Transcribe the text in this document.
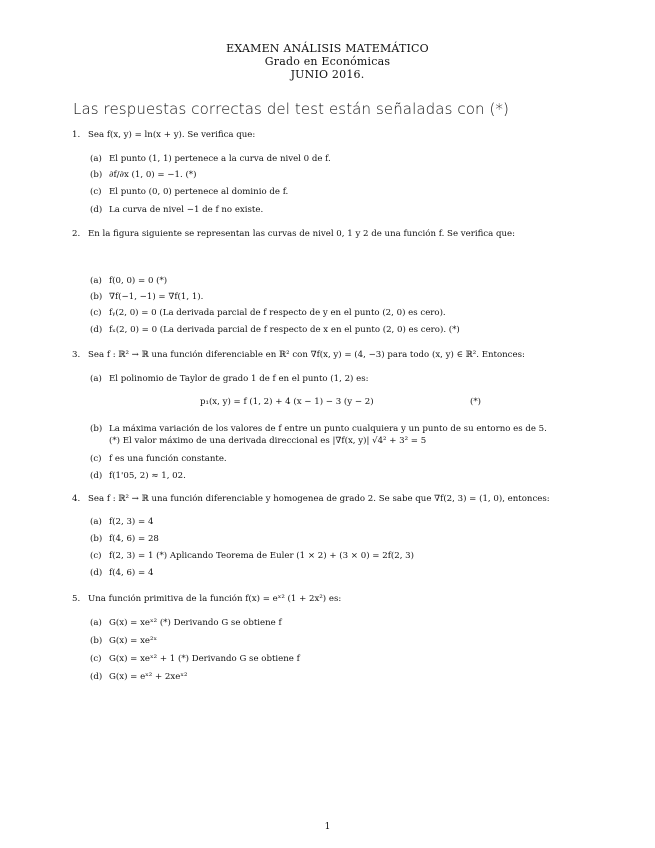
EXAMEN ANÁLISIS MATEMÁTICO
Grado en Económicas
JUNIO 2016.
Las respuestas correctas del test están señaladas con (*)
1. Sea f(x, y) = ln(x + y). Se verifica que:
(a) El punto (1, 1) pertenece a la curva de nivel 0 de f.
(b) ∂f/∂x (1, 0) = −1. (*)
(c) El punto (0, 0) pertenece al dominio de f.
(d) La curva de nivel −1 de f no existe.
2. En la figura siguiente se representan las curvas de nivel 0, 1 y 2 de una función f. Se verifica que:
(a) f(0, 0) = 0 (*)
(b) ∇f(−1, −1) = ∇f(1, 1).
(c) fᵧ(2, 0) = 0 (La derivada parcial de f respecto de y en el punto (2, 0) es cero).
(d) fₓ(2, 0) = 0 (La derivada parcial de f respecto de x en el punto (2, 0) es cero). (*)
3. Sea f : ℝ² → ℝ una función diferenciable en ℝ² con ∇f(x, y) = (4, −3) para todo (x, y) ∈ ℝ². Entonces:
(a) El polinomio de Taylor de grado 1 de f en el punto (1, 2) es:
p₁(x, y) = f (1, 2) + 4 (x − 1) − 3 (y − 2)	(*)
(b) La máxima variación de los valores de f entre un punto cualquiera y un punto de su entorno es de 5.
(*) El valor máximo de una derivada direccional es |∇f(x, y)| √4² + 3² = 5
(c) f es una función constante.
(d) f(1'05, 2) ≈ 1, 02.
4. Sea f : ℝ² → ℝ una función diferenciable y homogenea de grado 2. Se sabe que ∇f(2, 3) = (1, 0), entonces:
(a) f(2, 3) = 4
(b) f(4, 6) = 28
(c) f(2, 3) = 1 (*) Aplicando Teorema de Euler (1 × 2) + (3 × 0) = 2f(2, 3)
(d) f(4, 6) = 4
5. Una función primitiva de la función f(x) = eˣ² (1 + 2x²) es:
(a) G(x) = xeˣ² (*) Derivando G se obtiene f
(b) G(x) = xe²ˣ
(c) G(x) = xeˣ² + 1 (*) Derivando G se obtiene f
(d) G(x) = eˣ² + 2xeˣ²
1
